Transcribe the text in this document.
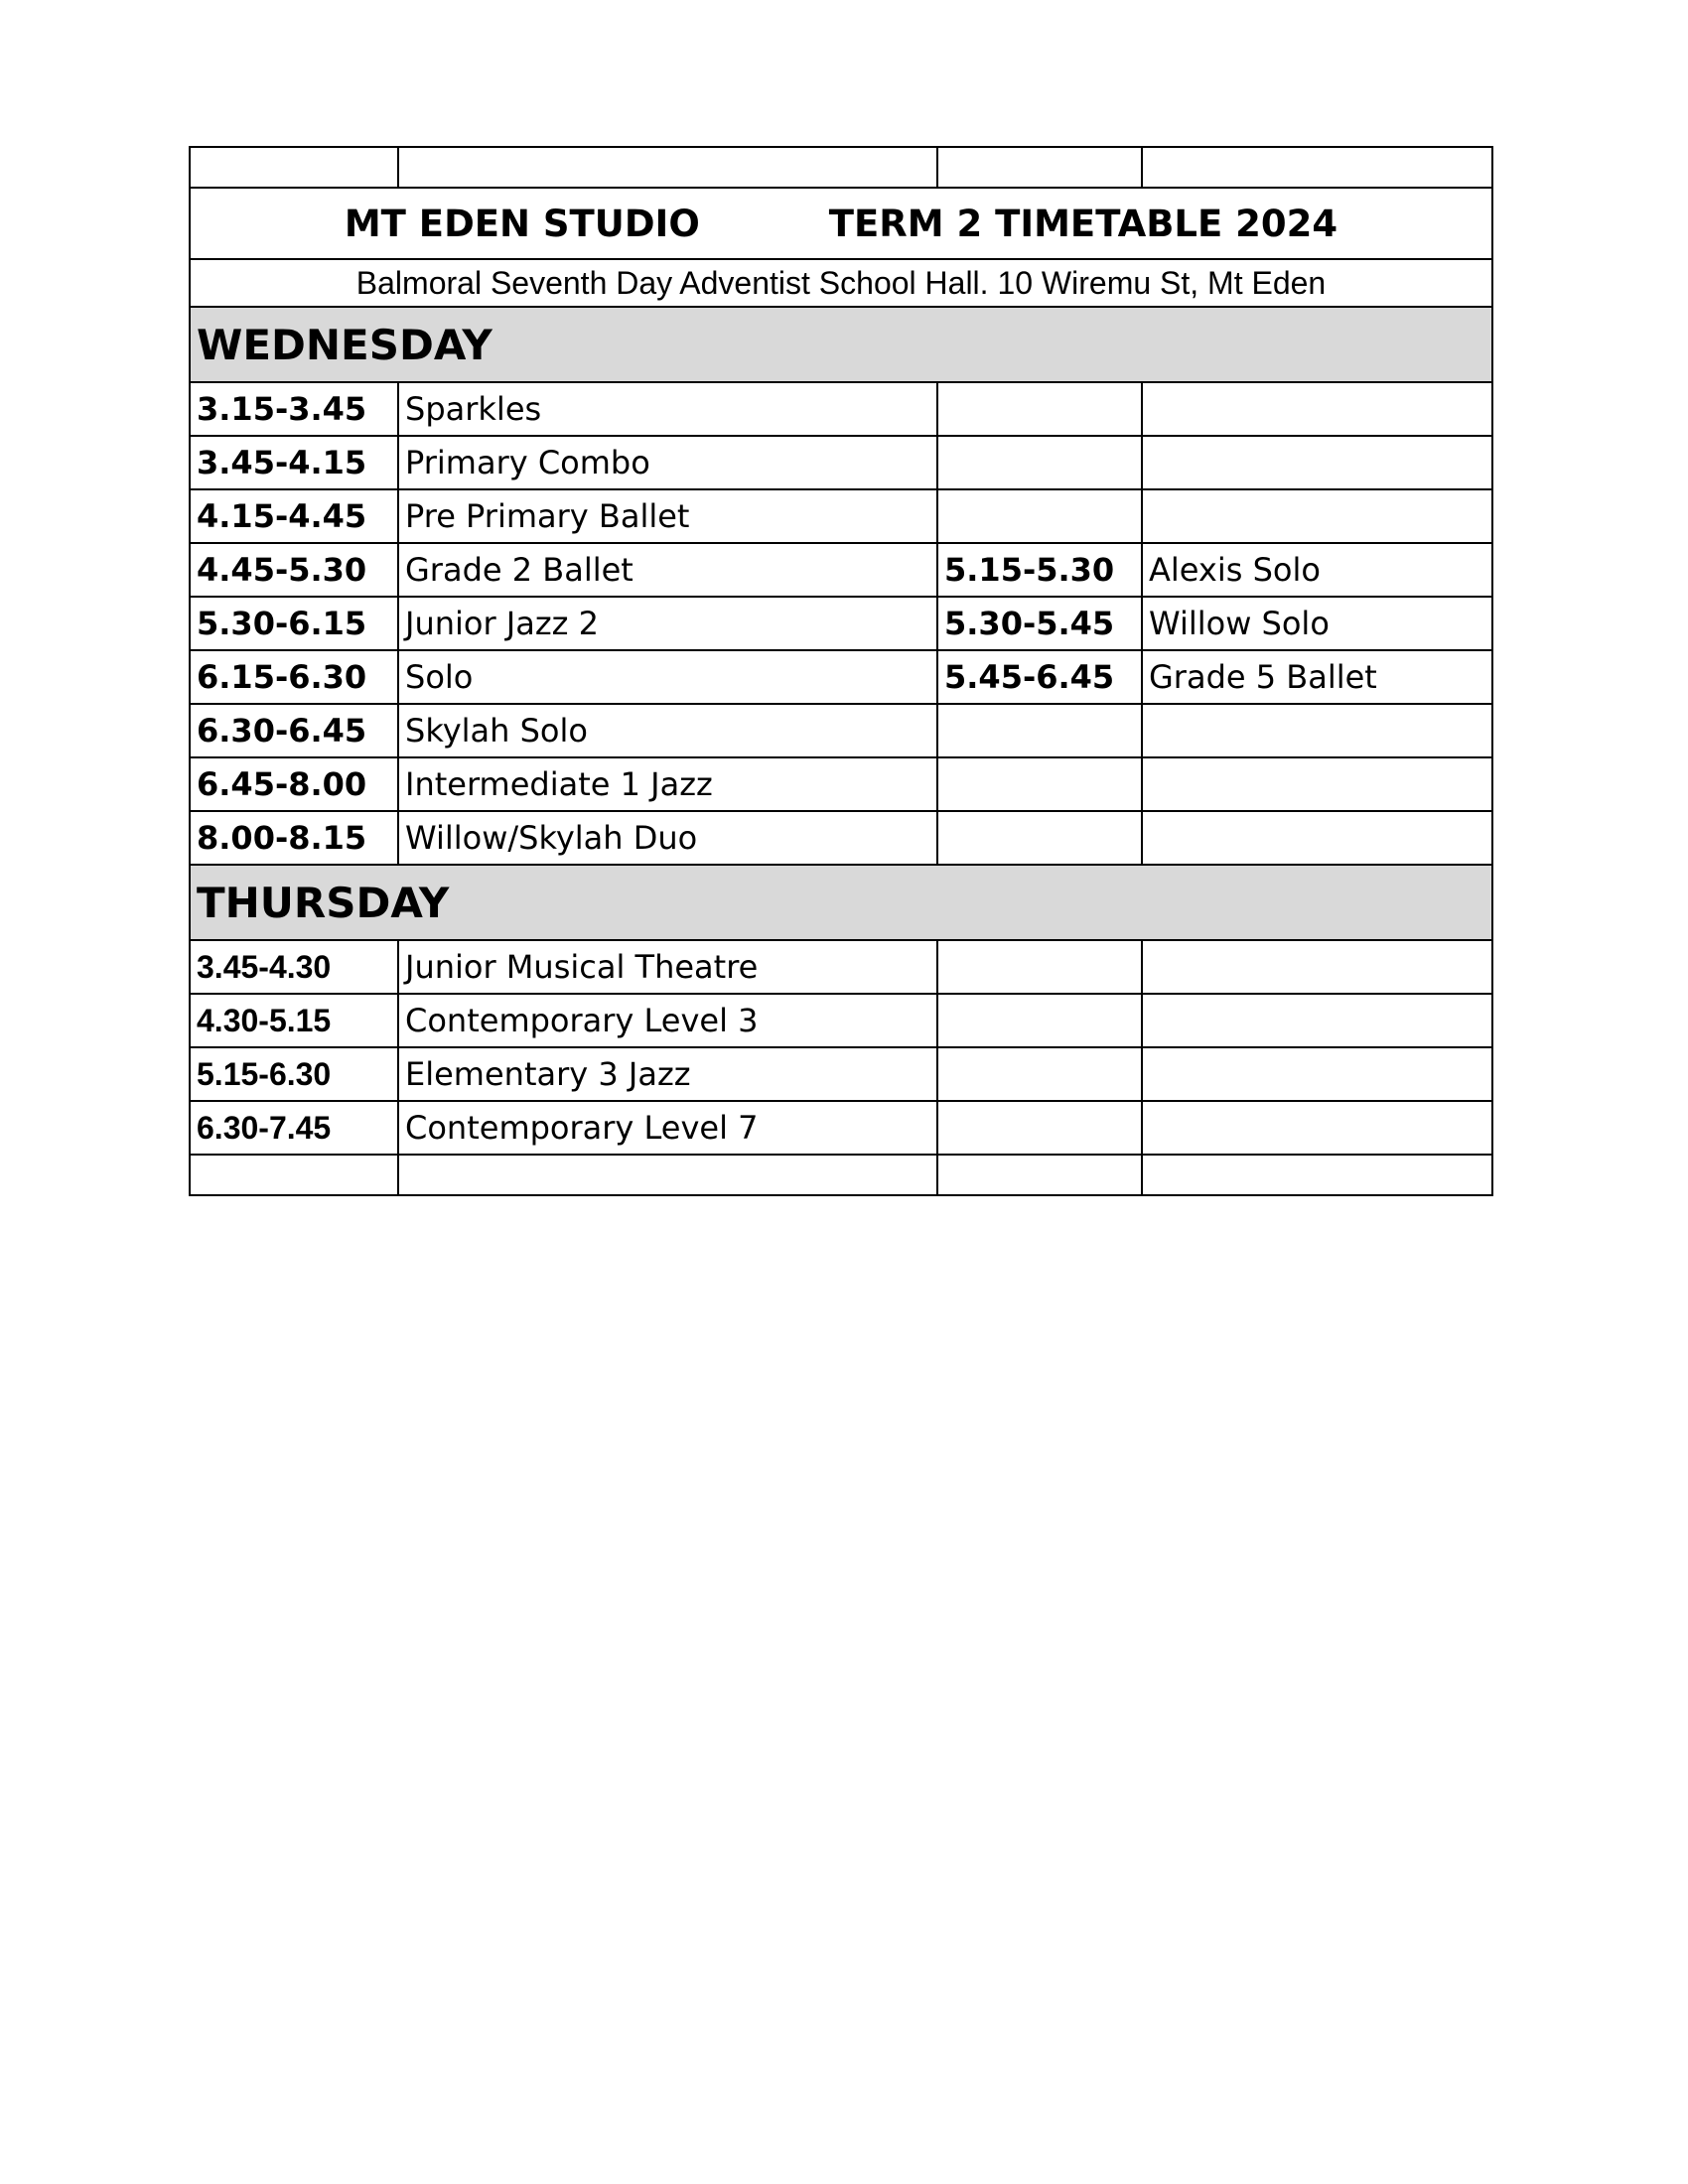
MT EDEN STUDIO TERM 2 TIMETABLE 2024			
Balmoral Seventh Day Adventist School Hall. 10 Wiremu St, Mt Eden			
WEDNESDAY			
3.15-3.45	Sparkles		
3.45-4.15	Primary Combo		
4.15-4.45	Pre Primary Ballet		
4.45-5.30	Grade 2 Ballet	5.15-5.30	Alexis Solo
5.30-6.15	Junior Jazz 2	5.30-5.45	Willow Solo
6.15-6.30	Solo	5.45-6.45	Grade 5 Ballet
6.30-6.45	Skylah Solo		
6.45-8.00	Intermediate 1 Jazz		
8.00-8.15	Willow/Skylah Duo		
THURSDAY			
3.45-4.30	Junior Musical Theatre		
4.30-5.15	Contemporary Level 3		
5.15-6.30	Elementary 3 Jazz		
6.30-7.45	Contemporary Level 7		
